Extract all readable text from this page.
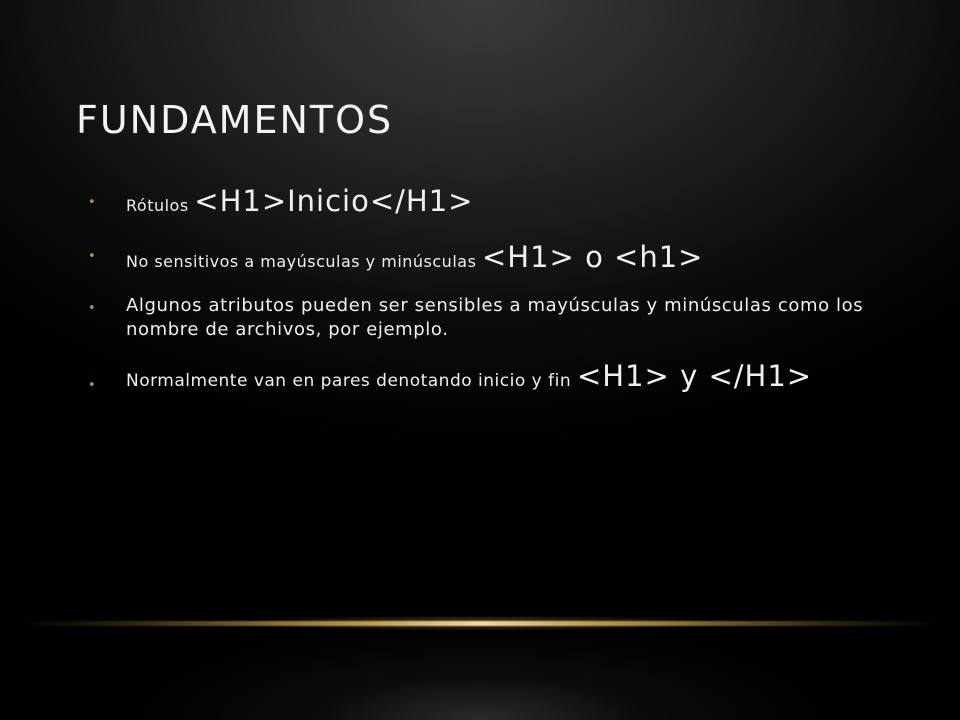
FUNDAMENTOS
• Rótulos <H1>Inicio</H1>
• No sensitivos a mayúsculas y minúsculas <H1> o <h1>
• Algunos atributos pueden ser sensibles a mayúsculas y minúsculas como los nombre de archivos, por ejemplo.
• Normalmente van en pares denotando inicio y fin <H1> y </H1>
